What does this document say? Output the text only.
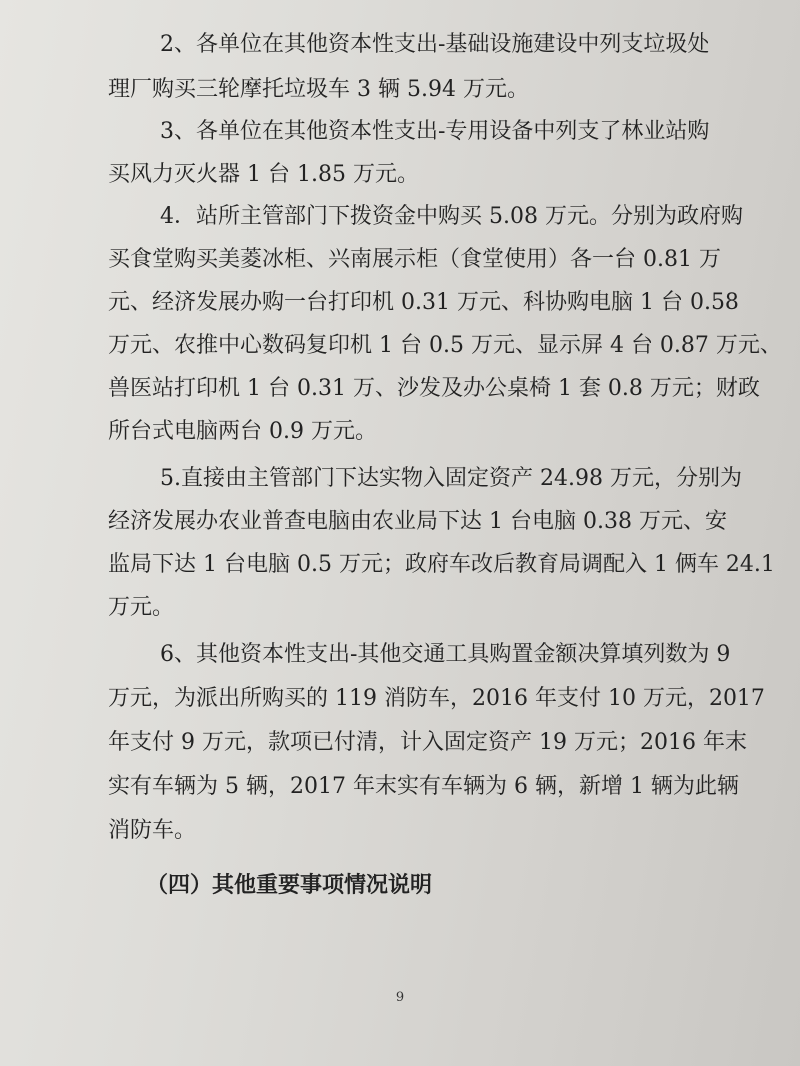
2、各单位在其他资本性支出-基础设施建设中列支垃圾处
理厂购买三轮摩托垃圾车 3 辆 5.94 万元。
3、各单位在其他资本性支出-专用设备中列支了林业站购
买风力灭火器 1 台 1.85 万元。
4．站所主管部门下拨资金中购买 5.08 万元。分别为政府购
买食堂购买美菱冰柜、兴南展示柜（食堂使用）各一台 0.81 万
元、经济发展办购一台打印机 0.31 万元、科协购电脑 1 台 0.58
万元、农推中心数码复印机 1 台 0.5 万元、显示屏 4 台 0.87 万元、
兽医站打印机 1 台 0.31 万、沙发及办公桌椅 1 套 0.8 万元；财政
所台式电脑两台 0.9 万元。
5.直接由主管部门下达实物入固定资产 24.98 万元，分别为
经济发展办农业普查电脑由农业局下达 1 台电脑 0.38 万元、安
监局下达 1 台电脑 0.5 万元；政府车改后教育局调配入 1 俩车 24.1
万元。
6、其他资本性支出-其他交通工具购置金额决算填列数为 9
万元，为派出所购买的 119 消防车，2016 年支付 10 万元，2017
年支付 9 万元，款项已付清，计入固定资产 19 万元；2016 年末
实有车辆为 5 辆，2017 年末实有车辆为 6 辆，新增 1 辆为此辆
消防车。
（四）其他重要事项情况说明
9
